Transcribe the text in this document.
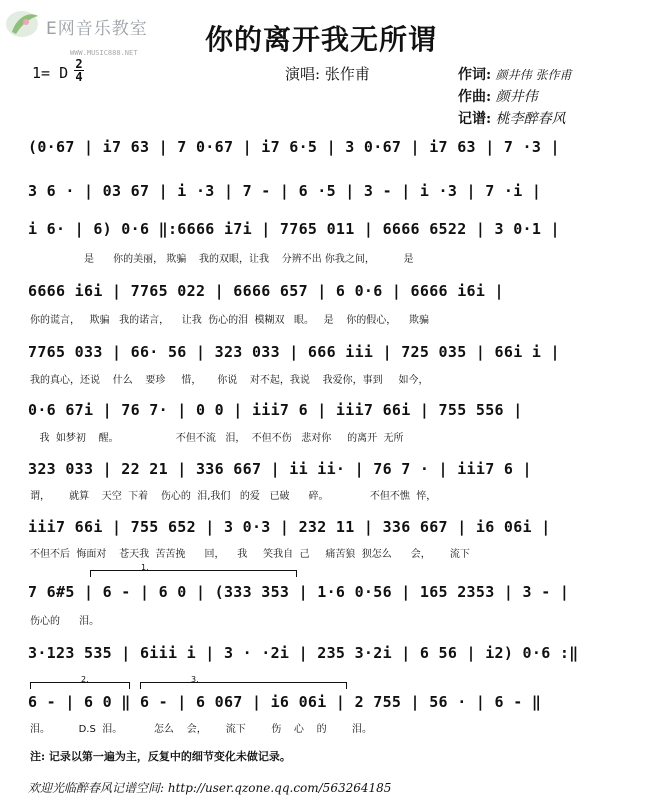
E网音乐教室
WWW.MUSIC888.NET 你的离开我无所谓
1= D 2
4	演唱: 张作甫	作词: 颜井伟 张作甫
作曲: 颜井伟
记谱: 桃李醉春风
(0·67 | i7 63 | 7 0·67 | i7 6·5 | 3 0·67 | i7 63 | 7 ·3 |
3 6 · | 03 67 | i ·3 | 7 - | 6 ·5 | 3 - | i ·3 | 7 ·i |
i 6· | 6) 0·6 ‖:6666 i7i | 7765 011 | 6666 6522 | 3 0·1 |
是      你的美丽， 欺骗    我的双眼，让我    分辨不出 你我之间，         是
6666 i6i | 7765 022 | 6666 657 | 6 0·6 | 6666 i6i |
你的谎言，   欺骗   我的诺言，    让我  伤心的泪  模糊双   眼。   是    你的假心，    欺骗
7765 033 | 66· 56 | 323 033 | 666 iii | 725 035 | 66i i |
我的真心，还说    什么    要珍     惜，     你说    对不起，我说    我爱你，事到     如今，
0·6 67i | 76 7· | 0 0 | iii7 6 | iii7 66i | 755 556 |
我  如梦初    醒。                  不但不流   泪，  不但不伤   悲对你     的离开  无所
323 033 | 22 21 | 336 667 | ii ii· | 76 7 · | iii7 6 |
谓，      就算    天空  下着    伤心的  泪,我们   的爱   已破      碎。             不但不憔  悴，
iii7 66i | 755 652 | 3 0·3 | 232 11 | 336 667 | i6 06i |
不但不后  悔面对    苍天我  苦苦挽      回，    我     笑我自  己     痛苦狼  狈怎么      会，      流下
1.
7 6#5 | 6 - | 6 0 | (333 353 | 1·6 0·56 | 165 2353 | 3 - |
伤心的      泪。
3·123 535 | 6iii i | 3 · ·2i | 235 3·2i | 6 56 | i2) 0·6 :‖
2.	3.
6 - | 6 0 ‖ 6 - | 6 067 | i6 06i | 2 755 | 56 · | 6 - ‖
泪。         D.S  泪。          怎么    会，      流下        伤    心    的        泪。
注: 记录以第一遍为主，反复中的细节变化未做记录。
欢迎光临醉春风记谱空间: http://user.qzone.qq.com/563264185
